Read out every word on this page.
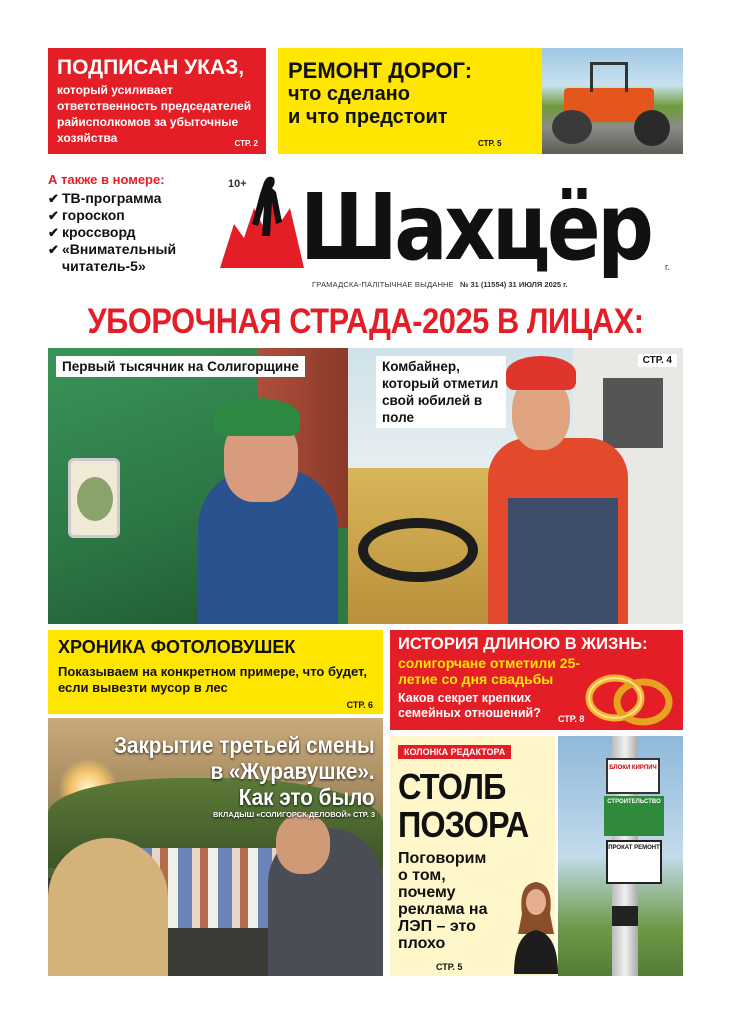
ПОДПИСАН УКАЗ,
который усиливает ответственность председателей райисполкомов за убыточные хозяйства	СТР. 2
РЕМОНТ ДОРОГ:
что сделано
и что предстоит
СТР. 5
А также в номере:
✔ ТВ-программа
✔ гороскоп
✔ кроссворд
✔ «Внимательный читатель-5»
10+ Шахцёр г.
ГРАМАДСКА-ПАЛІТЫЧНАЕ ВЫДАННЕ № 31 (11554) 31 ИЮЛЯ 2025 г.
УБОРОЧНАЯ СТРАДА-2025 В ЛИЦАХ:
Первый тысячник на Солигорщине	Комбайнер, который отметил свой юбилей в поле
СТР. 4
ХРОНИКА ФОТОЛОВУШЕК
Показываем на конкретном примере, что будет, если вывезти мусор в лес
СТР. 6
ИСТОРИЯ ДЛИНОЮ В ЖИЗНЬ:
солигорчане отметили 25-летие со дня свадьбы
Каков секрет крепких семейных отношений?	СТР. 8
Закрытие третьей смены
в «Журавушке».
Как это было
ВКЛАДЫШ «СОЛИГОРСК ДЕЛОВОЙ» СТР. 3
КОЛОНКА РЕДАКТОРА
СТОЛБ
ПОЗОРА
Поговорим о том, почему реклама на ЛЭП – это плохо
СТР. 5
БЛОКИ КИРПИЧ
СТРОИТЕЛЬСТВО
ПРОКАТ РЕМОНТ
